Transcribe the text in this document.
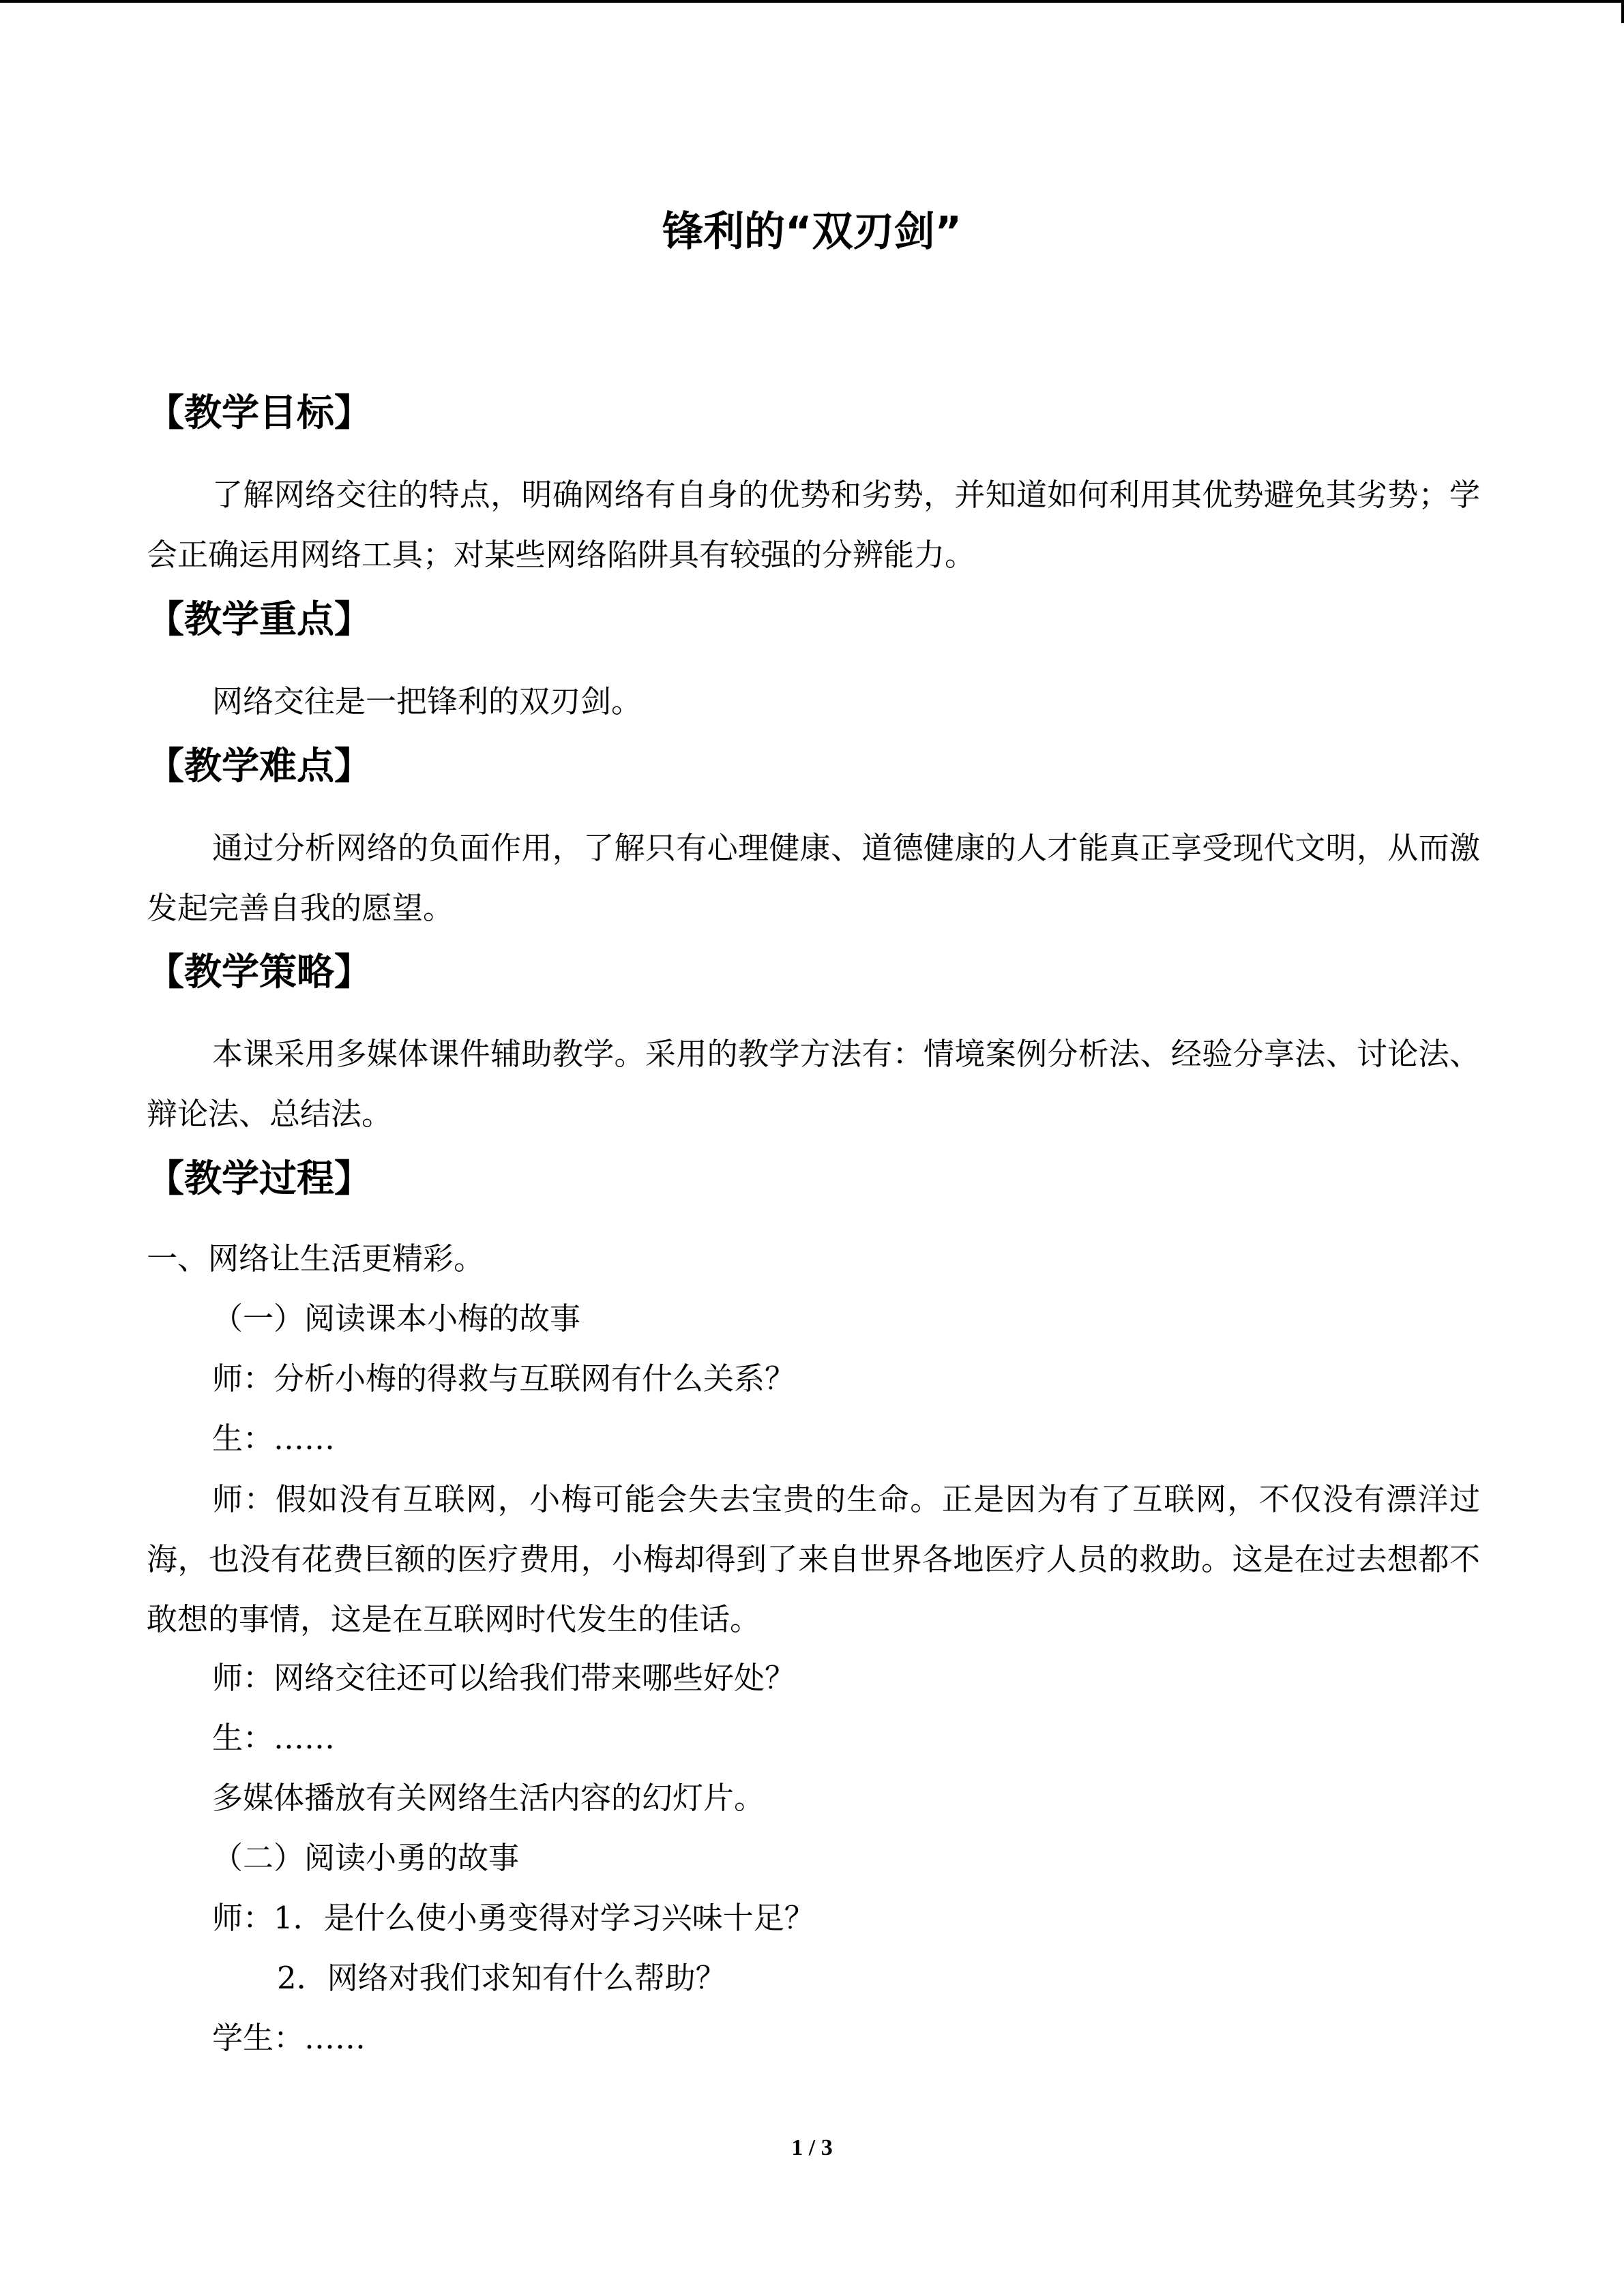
锋利的“双刃剑”
【教学目标】

了解网络交往的特点，明确网络有自身的优势和劣势，并知道如何利用其优势避免其劣势；学会正确运用网络工具；对某些网络陷阱具有较强的分辨能力。

【教学重点】

网络交往是一把锋利的双刃剑。

【教学难点】

通过分析网络的负面作用，了解只有心理健康、道德健康的人才能真正享受现代文明，从而激发起完善自我的愿望。

【教学策略】

本课采用多媒体课件辅助教学。采用的教学方法有：情境案例分析法、经验分享法、讨论法、辩论法、总结法。

【教学过程】

一、网络让生活更精彩。

（一）阅读课本小梅的故事

师：分析小梅的得救与互联网有什么关系？

生：……

师：假如没有互联网，小梅可能会失去宝贵的生命。正是因为有了互联网，不仅没有漂洋过海，也没有花费巨额的医疗费用，小梅却得到了来自世界各地医疗人员的救助。这是在过去想都不敢想的事情，这是在互联网时代发生的佳话。

师：网络交往还可以给我们带来哪些好处？

生：……

多媒体播放有关网络生活内容的幻灯片。

（二）阅读小勇的故事

师：1．是什么使小勇变得对学习兴味十足？

2．网络对我们求知有什么帮助？

学生：……

1 / 3
